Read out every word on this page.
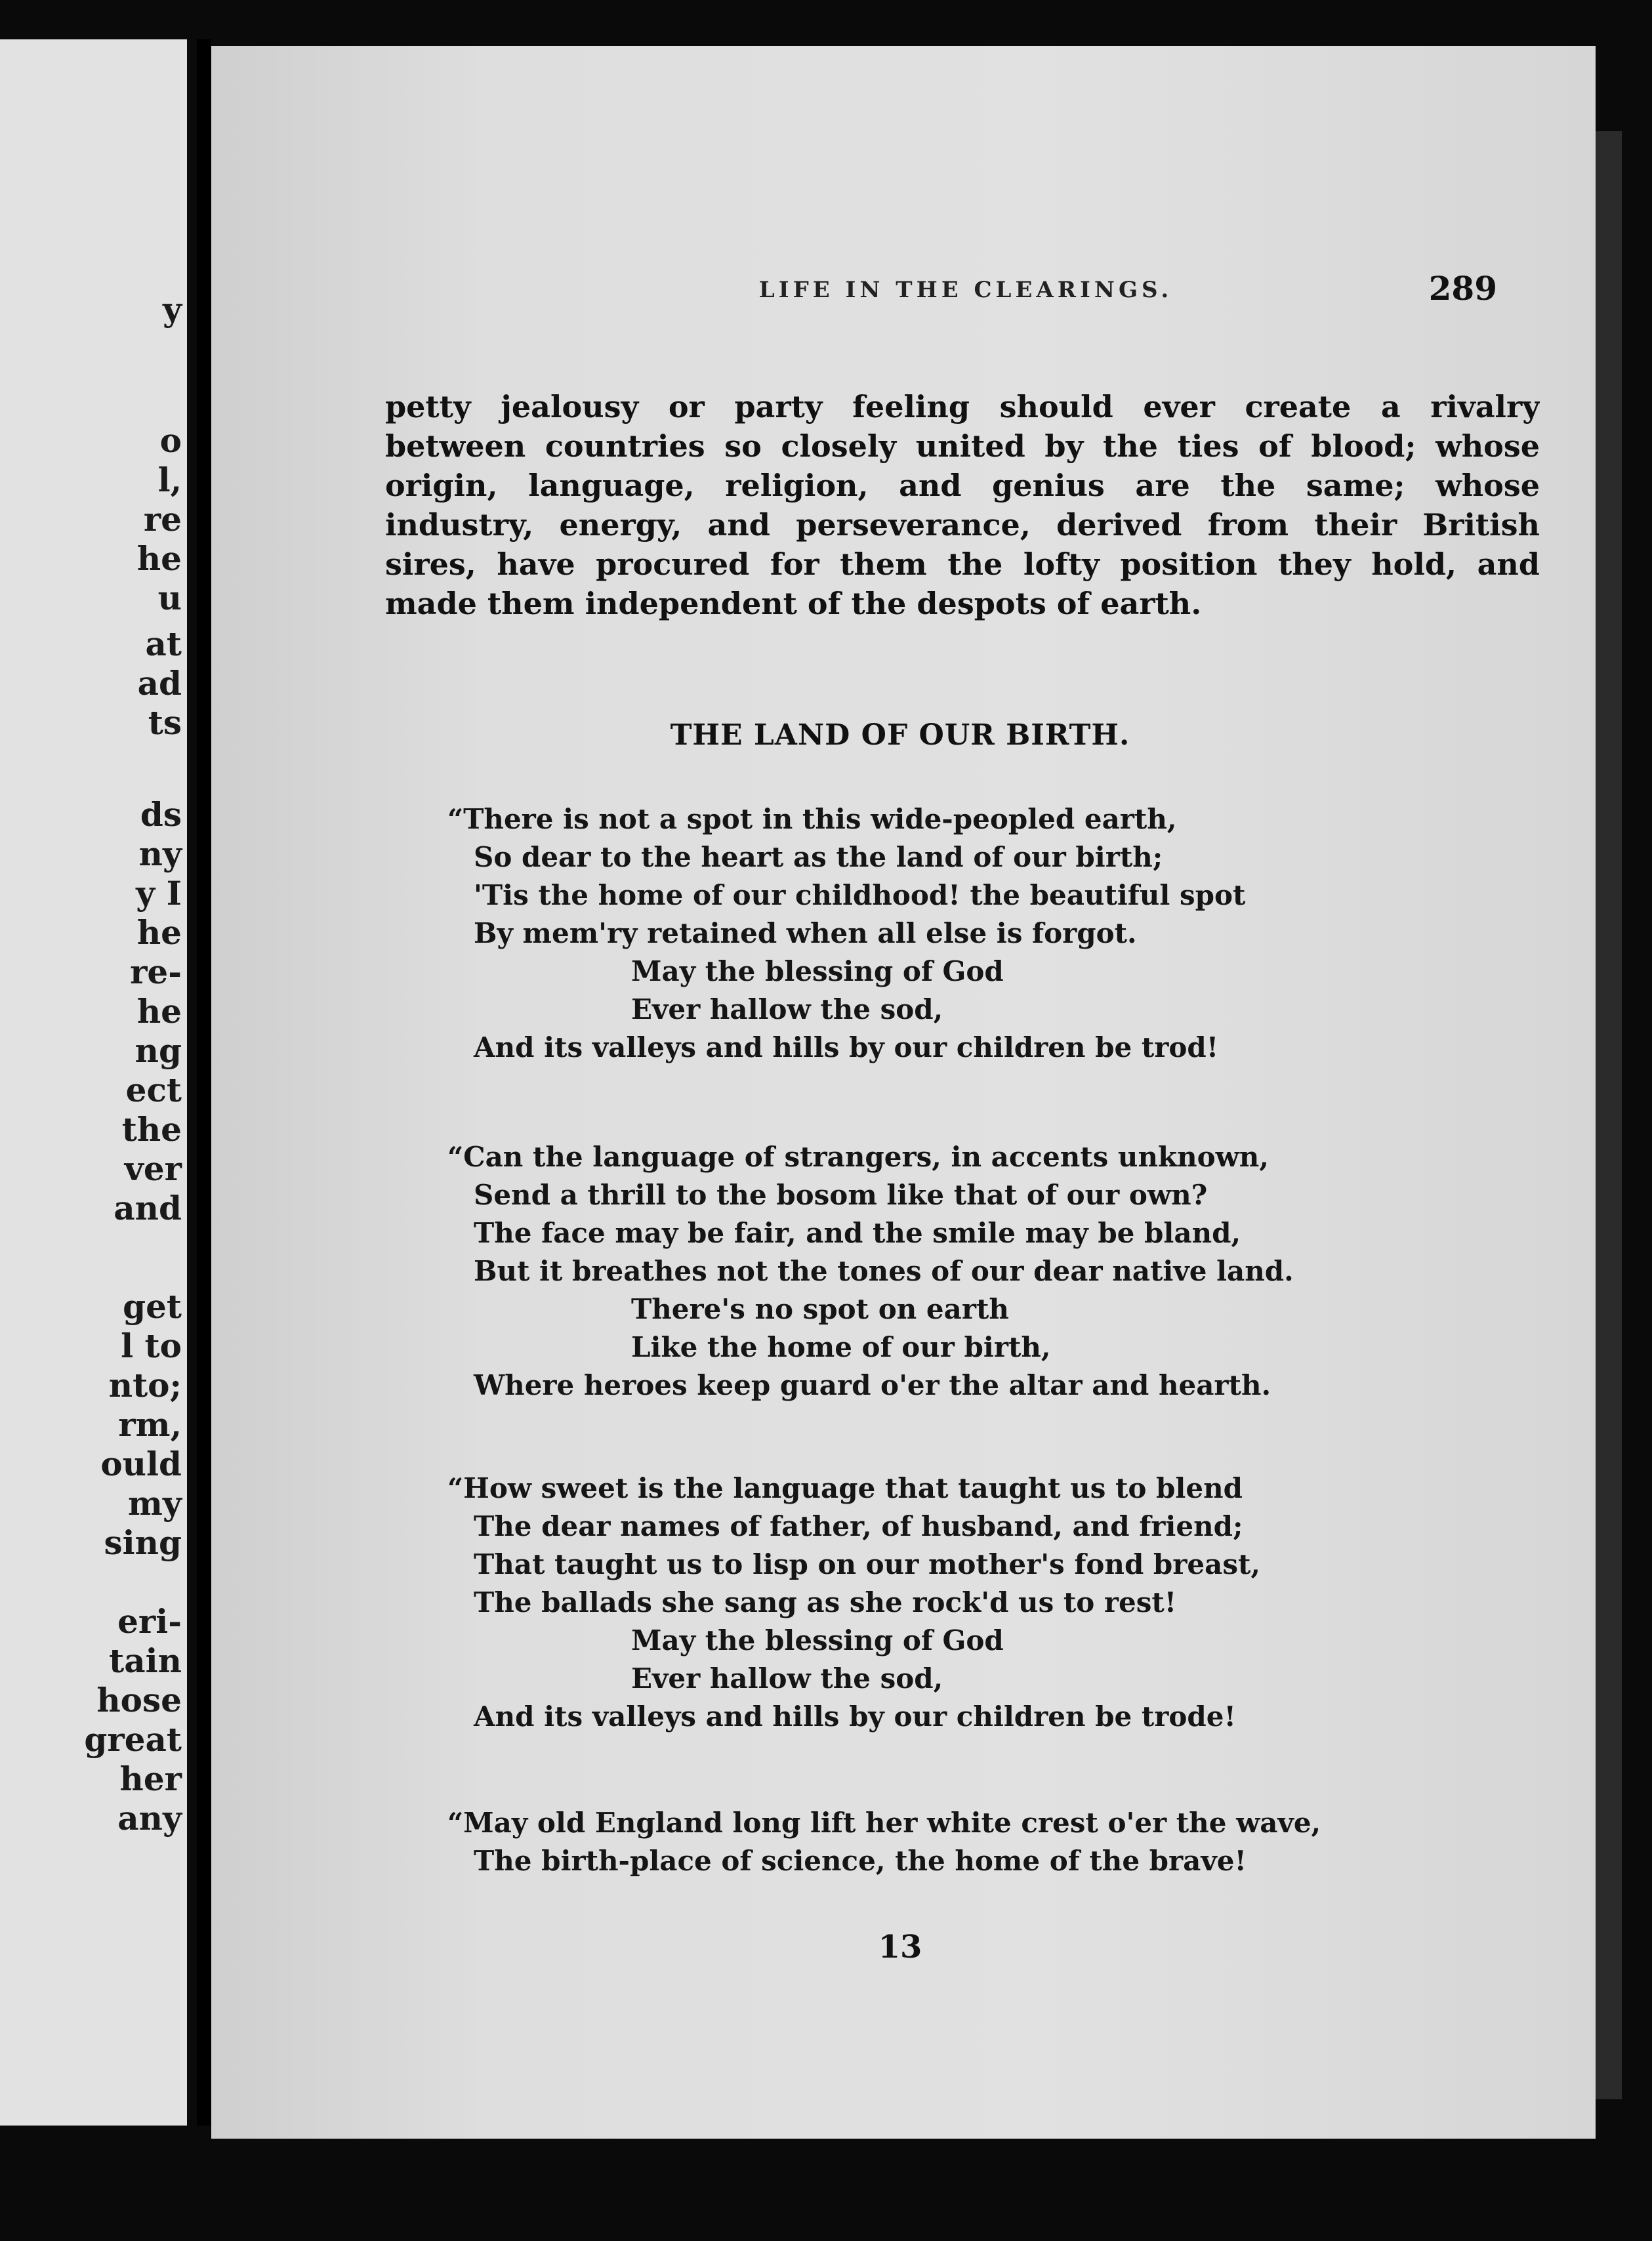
y
o
l,
re
he
u
at
ad
ts
ds
ny
y I
he
re-
he
ng
ect
the
ver
and
get
l to
nto;
rm,
ould
my
sing
eri-
tain
hose
great
her
any
LIFE IN THE CLEARINGS.	289
petty jealousy or party feeling should ever create a rivalry
between countries so closely united by the ties of blood; whose
origin, language, religion, and genius are the same; whose
industry, energy, and perseverance, derived from their British
sires, have procured for them the lofty position they hold, and
made them independent of the despots of earth.
THE LAND OF OUR BIRTH.
“There is not a spot in this wide-peopled earth,
So dear to the heart as the land of our birth;
'Tis the home of our childhood! the beautiful spot
By mem'ry retained when all else is forgot.
May the blessing of God
Ever hallow the sod,
And its valleys and hills by our children be trod!
“Can the language of strangers, in accents unknown,
Send a thrill to the bosom like that of our own?
The face may be fair, and the smile may be bland,
But it breathes not the tones of our dear native land.
There's no spot on earth
Like the home of our birth,
Where heroes keep guard o'er the altar and hearth.
“How sweet is the language that taught us to blend
The dear names of father, of husband, and friend;
That taught us to lisp on our mother's fond breast,
The ballads she sang as she rock'd us to rest!
May the blessing of God
Ever hallow the sod,
And its valleys and hills by our children be trode!
“May old England long lift her white crest o'er the wave,
The birth-place of science, the home of the brave!
13
